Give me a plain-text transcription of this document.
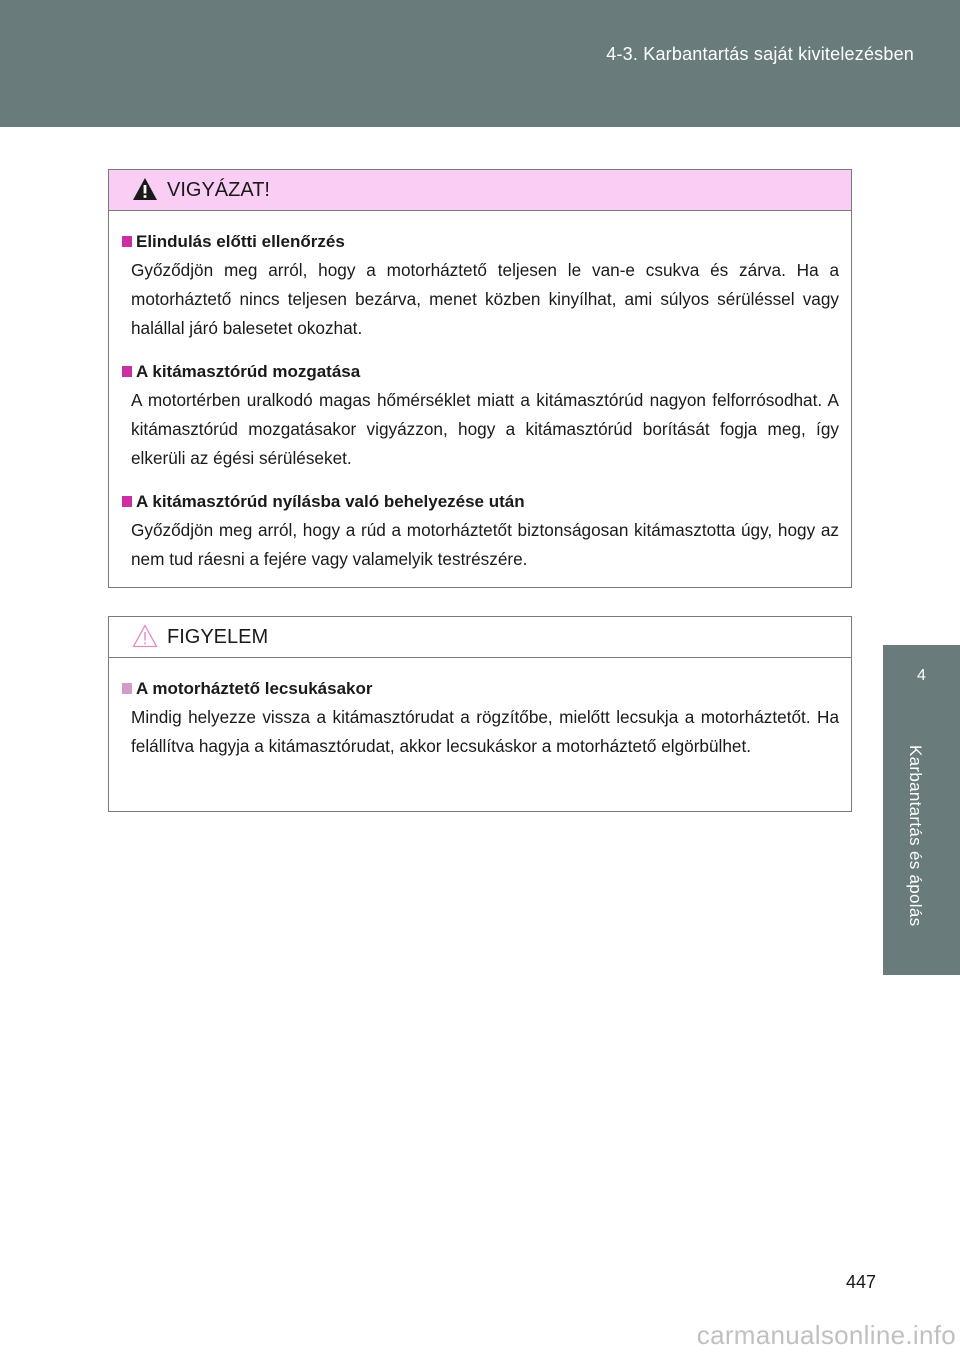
4-3. Karbantartás saját kivitelezésben
4
Karbantartás és ápolás
VIGYÁZAT!
Elindulás előtti ellenőrzés
Győződjön meg arról, hogy a motorháztető teljesen le van-e csukva és zárva. Ha a motorháztető nincs teljesen bezárva, menet közben kinyílhat, ami súlyos sérüléssel vagy halállal járó balesetet okozhat.
A kitámasztórúd mozgatása
A motortérben uralkodó magas hőmérséklet miatt a kitámasztórúd nagyon felforrósodhat. A kitámasztórúd mozgatásakor vigyázzon, hogy a kitámasztórúd borítását fogja meg, így elkerüli az égési sérüléseket.
A kitámasztórúd nyílásba való behelyezése után
Győződjön meg arról, hogy a rúd a motorháztetőt biztonságosan kitámasztotta úgy, hogy az nem tud ráesni a fejére vagy valamelyik testrészére.
FIGYELEM
A motorháztető lecsukásakor
Mindig helyezze vissza a kitámasztórudat a rögzítőbe, mielőtt lecsukja a motorháztetőt. Ha felállítva hagyja a kitámasztórudat, akkor lecsukáskor a motorháztető elgörbülhet.
447
carmanualsonline.info
